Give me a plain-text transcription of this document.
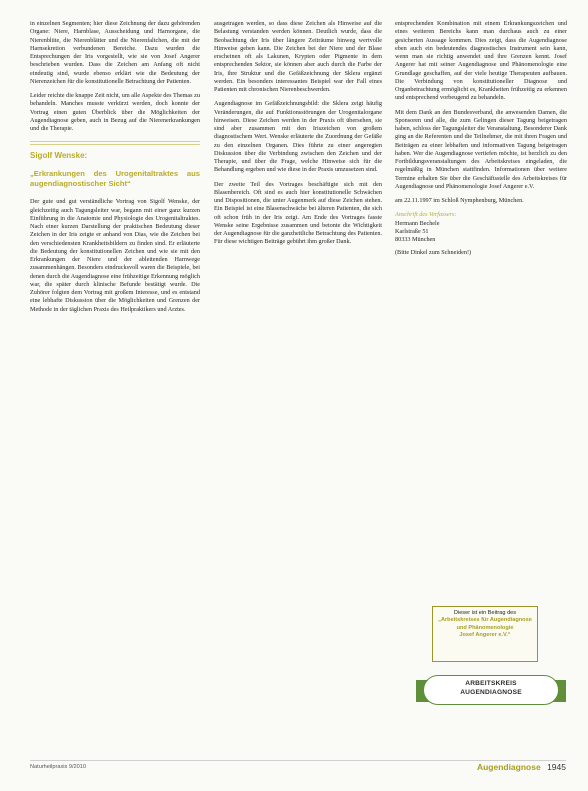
in einzelnen Segmenten; hier diese Zeichnung der dazu gehörenden Organe: Niere, Harnblase, Ausscheidung und Harnorgane, die Nierenblüte, die Nierenblätter und die Nierenfaltchen, die mit der Harnsekretion verbundenen Bereiche. Dazu wurden die Entsprechungen der Iris vorgestellt, wie sie von Josef Angerer beschrieben wurden. Dass die Zeichen am Anfang oft nicht eindeutig sind, wurde ebenso erklärt wie die Bedeutung der Nierenzeichen für die konstitutionelle Betrachtung der Patienten.

Leider reichte die knappe Zeit nicht, um alle Aspekte des Themas zu behandeln. Manches musste verkürzt werden, doch konnte der Vortrag einen guten Überblick über die Möglichkeiten der Augendiagnose geben, auch in Bezug auf die Nierenerkrankungen und die Therapie.

Sigolf Wenske:
„Erkrankungen des Urogenitaltraktes aus augendiagnostischer Sicht“

Der gute und gut verständliche Vortrag von Sigolf Wenske, der gleichzeitig auch Tagungsleiter war, begann mit einer ganz kurzen Einführung in die Anatomie und Physiologie des Urogenitaltraktes. Nach einer kurzen Darstellung der praktischen Bedeutung dieser Zeichen in der Iris zeigte er anhand von Dias, wie die Zeichen bei den verschiedensten Krankheitsbildern zu finden sind. Er erläuterte die Bedeutung der konstitutionellen Zeichen und wie sie mit den Erkrankungen der Niere und der ableitenden Harnwege zusammenhängen. Besonders eindrucksvoll waren die Beispiele, bei denen durch die Augendiagnose eine frühzeitige Erkennung möglich war, die später durch klinische Befunde bestätigt wurde. Die Zuhörer folgten dem Vortrag mit großem Interesse, und es entstand eine lebhafte Diskussion über die Möglichkeiten und Grenzen der Methode in der täglichen Praxis des Heilpraktikers und Arztes.

ausgetragen werden, so dass diese Zeichen als Hinweise auf die Belastung verstanden werden können. Deutlich wurde, dass die Beobachtung der Iris über längere Zeiträume hinweg wertvolle Hinweise geben kann. Die Zeichen bei der Niere und der Blase erscheinen oft als Lakunen, Krypten oder Pigmente in dem entsprechenden Sektor, sie können aber auch durch die Farbe der Iris, ihre Struktur und die Gefäßzeichnung der Sklera ergänzt werden. Ein besonders interessantes Beispiel war der Fall eines Patienten mit chronischen Nierenbeschwerden.

Augendiagnose im Gefäßzeichnungsbild: die Sklera zeigt häufig Veränderungen, die auf Funktionsstörungen der Urogenitalorgane hinweisen. Diese Zeichen werden in der Praxis oft übersehen, sie sind aber zusammen mit den Iriszeichen von großem diagnostischem Wert. Wenske erläuterte die Zuordnung der Gefäße zu den einzelnen Organen. Dies führte zu einer angeregten Diskussion über die Verbindung zwischen den Zeichen und der Therapie, und über die Frage, welche Hinweise sich für die Behandlung ergeben und wie diese in der Praxis umzusetzen sind.

Der zweite Teil des Vortrages beschäftigte sich mit den Blasenbereich. Oft sind es auch hier konstitutionelle Schwächen und Dispositionen, die unter Augenmerk auf diese Zeichen stehen. Ein Beispiel ist eine Blasenschwäche bei älteren Patienten, die sich oft schon früh in der Iris zeigt. Am Ende des Vortrages fasste Wenske seine Ergebnisse zusammen und betonte die Wichtigkeit der Augendiagnose für die ganzheitliche Betrachtung des Patienten. Für diese wichtigen Beiträge gebührt ihm großer Dank.

entsprechenden Kombination mit einem Erkrankungszeichen und eines weiteren Bereichs kann man durchaus auch zu einer gesicherten Aussage kommen. Dies zeigt, dass die Augendiagnose eben auch ein bedeutendes diagnostisches Instrument sein kann, wenn man sie richtig anwendet und ihre Grenzen kennt. Josef Angerer hat mit seiner Augendiagnose und Phänomenologie eine Grundlage geschaffen, auf der viele heutige Therapeuten aufbauen. Die Verbindung von konstitutioneller Diagnose und Organbetrachtung ermöglicht es, Krankheiten frühzeitig zu erkennen und entsprechend vorbeugend zu behandeln.

Mit dem Dank an den Bundesverband, die anwesenden Damen, die Sponsoren und alle, die zum Gelingen dieser Tagung beigetragen haben, schloss der Tagungsleiter die Veranstaltung. Besonderer Dank ging an die Referenten und die Teilnehmer, die mit ihren Fragen und Beiträgen zu einer lebhaften und informativen Tagung beigetragen haben. Wer die Augendiagnose vertiefen möchte, ist herzlich zu den Fortbildungsveranstaltungen des Arbeitskreises eingeladen, die regelmäßig in München stattfinden. Informationen über weitere Termine erhalten Sie über die Geschäftsstelle des Arbeitskreises für Augendiagnose und Phänomenologie Josef Angerer e.V.

am 22.11.1997 im Schloß Nymphenburg, München.

Anschrift des Verfassers:
Hermann Bechele
Karlstraße 51
80333 München
(Bitte Dinkel zum Schneiden!)
Dieser ist ein Beitrag des
„Arbeitskreises für Augendiagnose
und Phänomenologie
Josef Angerer e.V.“
ARBEITSKREIS
AUGENDIAGNOSE
Naturheilpraxis 9/2010	Augendiagnose 1945
